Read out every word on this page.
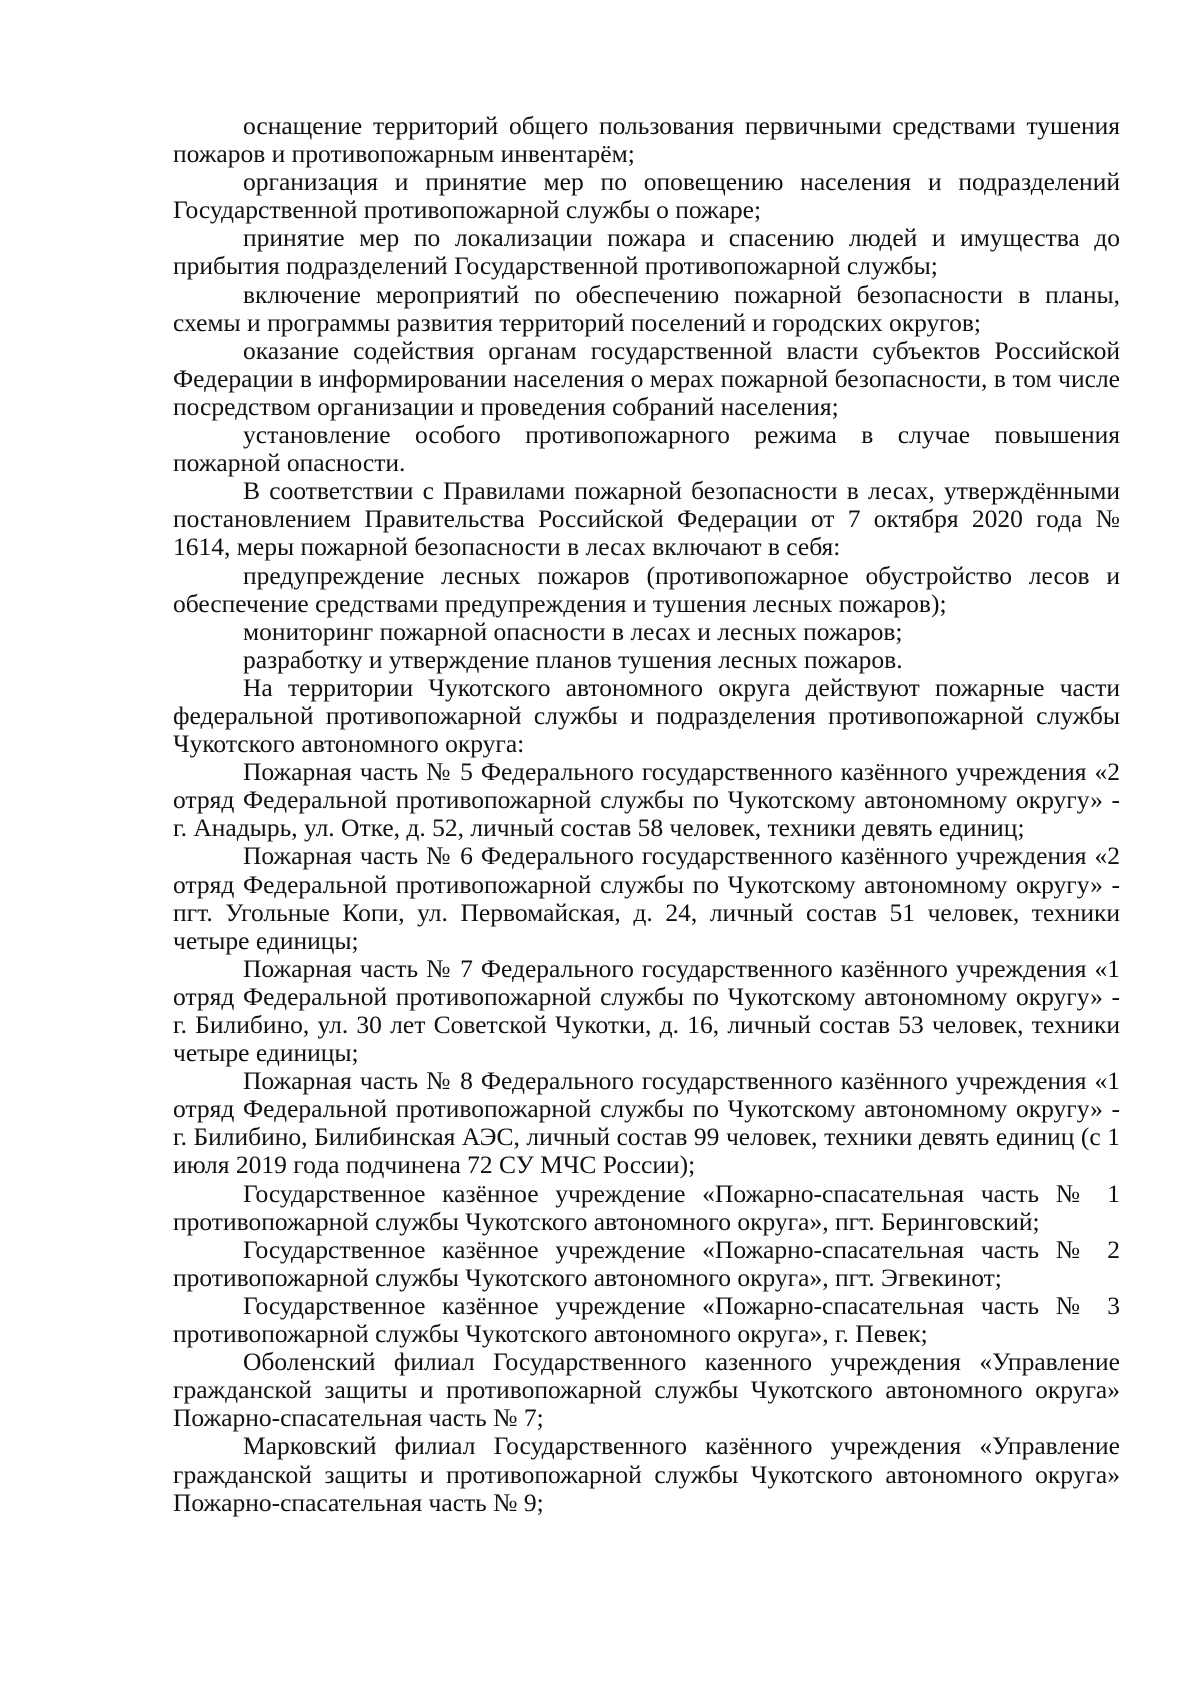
оснащение территорий общего пользования первичными средствами тушения пожаров и противопожарным инвентарём;

организация и принятие мер по оповещению населения и подразделений Государственной противопожарной службы о пожаре;

принятие мер по локализации пожара и спасению людей и имущества до прибытия подразделений Государственной противопожарной службы;

включение мероприятий по обеспечению пожарной безопасности в планы, схемы и программы развития территорий поселений и городских округов;

оказание содействия органам государственной власти субъектов Российской Федерации в информировании населения о мерах пожарной безопасности, в том числе посредством организации и проведения собраний населения;

установление особого противопожарного режима в случае повышения пожарной опасности.

В соответствии с Правилами пожарной безопасности в лесах, утверждёнными постановлением Правительства Российской Федерации от 7 октября 2020 года № 1614, меры пожарной безопасности в лесах включают в себя:

предупреждение лесных пожаров (противопожарное обустройство лесов и обеспечение средствами предупреждения и тушения лесных пожаров);

мониторинг пожарной опасности в лесах и лесных пожаров;

разработку и утверждение планов тушения лесных пожаров.

На территории Чукотского автономного округа действуют пожарные части федеральной противопожарной службы и подразделения противопожарной службы Чукотского автономного округа:

Пожарная часть № 5 Федерального государственного казённого учреждения «2 отряд Федеральной противопожарной службы по Чукотскому автономному округу» - г. Анадырь, ул. Отке, д. 52, личный состав 58 человек, техники девять единиц;

Пожарная часть № 6 Федерального государственного казённого учреждения «2 отряд Федеральной противопожарной службы по Чукотскому автономному округу» - пгт. Угольные Копи, ул. Первомайская, д. 24, личный состав 51 человек, техники четыре единицы;

Пожарная часть № 7 Федерального государственного казённого учреждения «1 отряд Федеральной противопожарной службы по Чукотскому автономному округу» - г. Билибино, ул. 30 лет Советской Чукотки, д. 16, личный состав 53 человек, техники четыре единицы;

Пожарная часть № 8 Федерального государственного казённого учреждения «1 отряд Федеральной противопожарной службы по Чукотскому автономному округу» - г. Билибино, Билибинская АЭС, личный состав 99 человек, техники девять единиц (с 1 июля 2019 года подчинена 72 СУ МЧС России);

Государственное казённое учреждение «Пожарно-спасательная часть № 1 противопожарной службы Чукотского автономного округа», пгт. Беринговский;

Государственное казённое учреждение «Пожарно-спасательная часть № 2 противопожарной службы Чукотского автономного округа», пгт. Эгвекинот;

Государственное казённое учреждение «Пожарно-спасательная часть № 3 противопожарной службы Чукотского автономного округа», г. Певек;

Оболенский филиал Государственного казенного учреждения «Управление гражданской защиты и противопожарной службы Чукотского автономного округа» Пожарно-спасательная часть № 7;

Марковский филиал Государственного казённого учреждения «Управление гражданской защиты и противопожарной службы Чукотского автономного округа» Пожарно-спасательная часть № 9;
